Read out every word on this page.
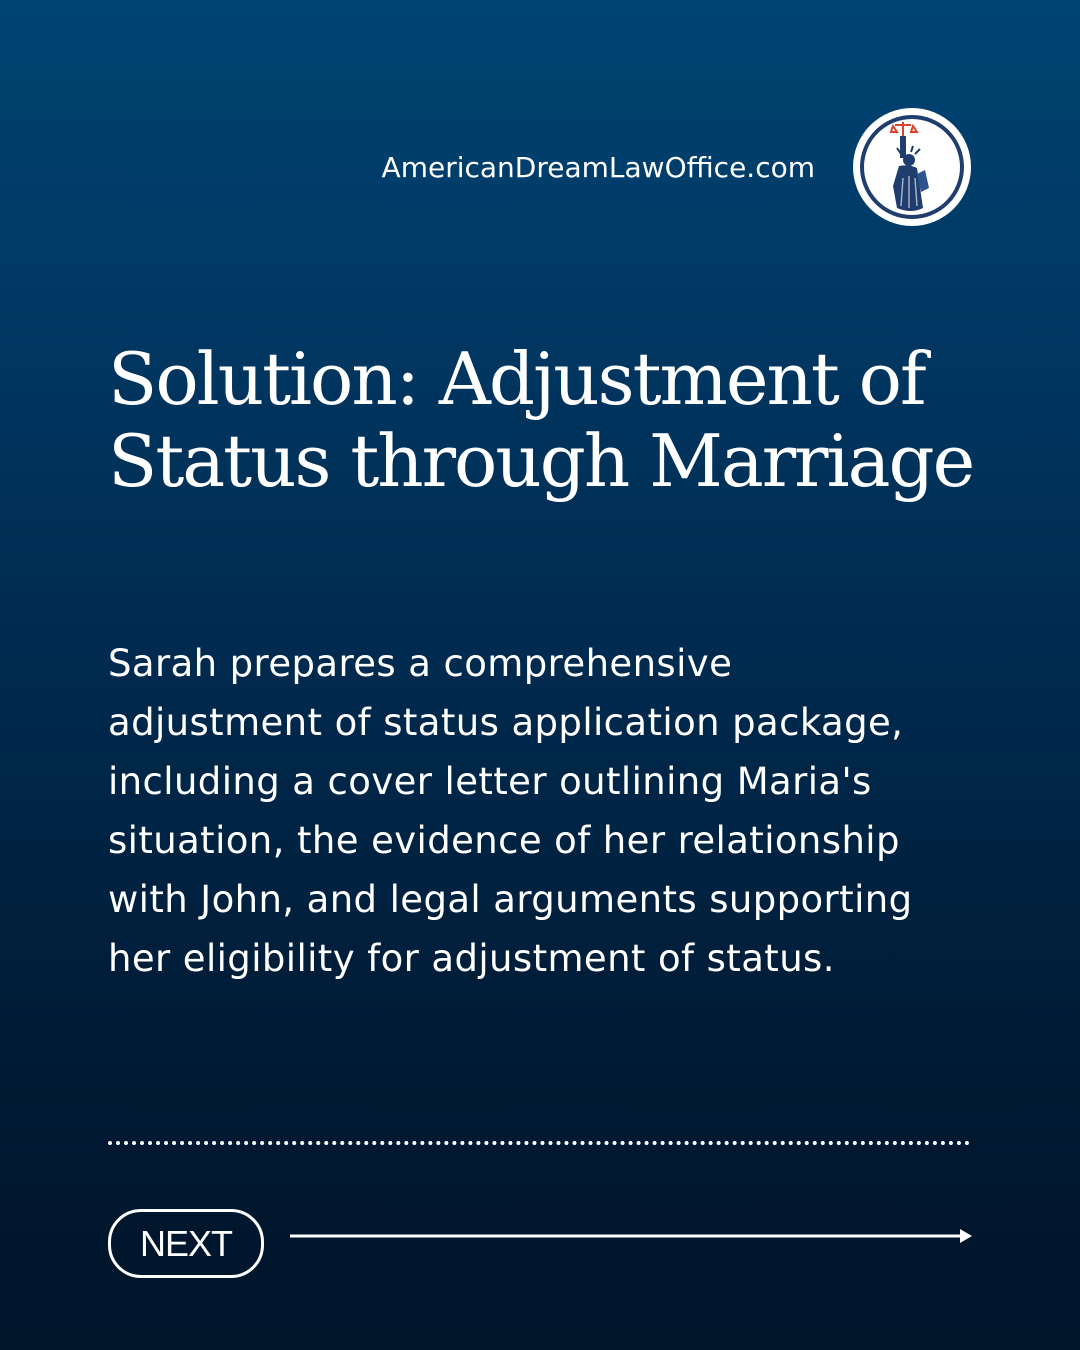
AmericanDreamLawOffice.com
Solution: Adjustment of Status through Marriage

Sarah prepares a comprehensive adjustment of status application package, including a cover letter outlining Maria's situation, the evidence of her relationship with John, and legal arguments supporting her eligibility for adjustment of status.

NEXT
